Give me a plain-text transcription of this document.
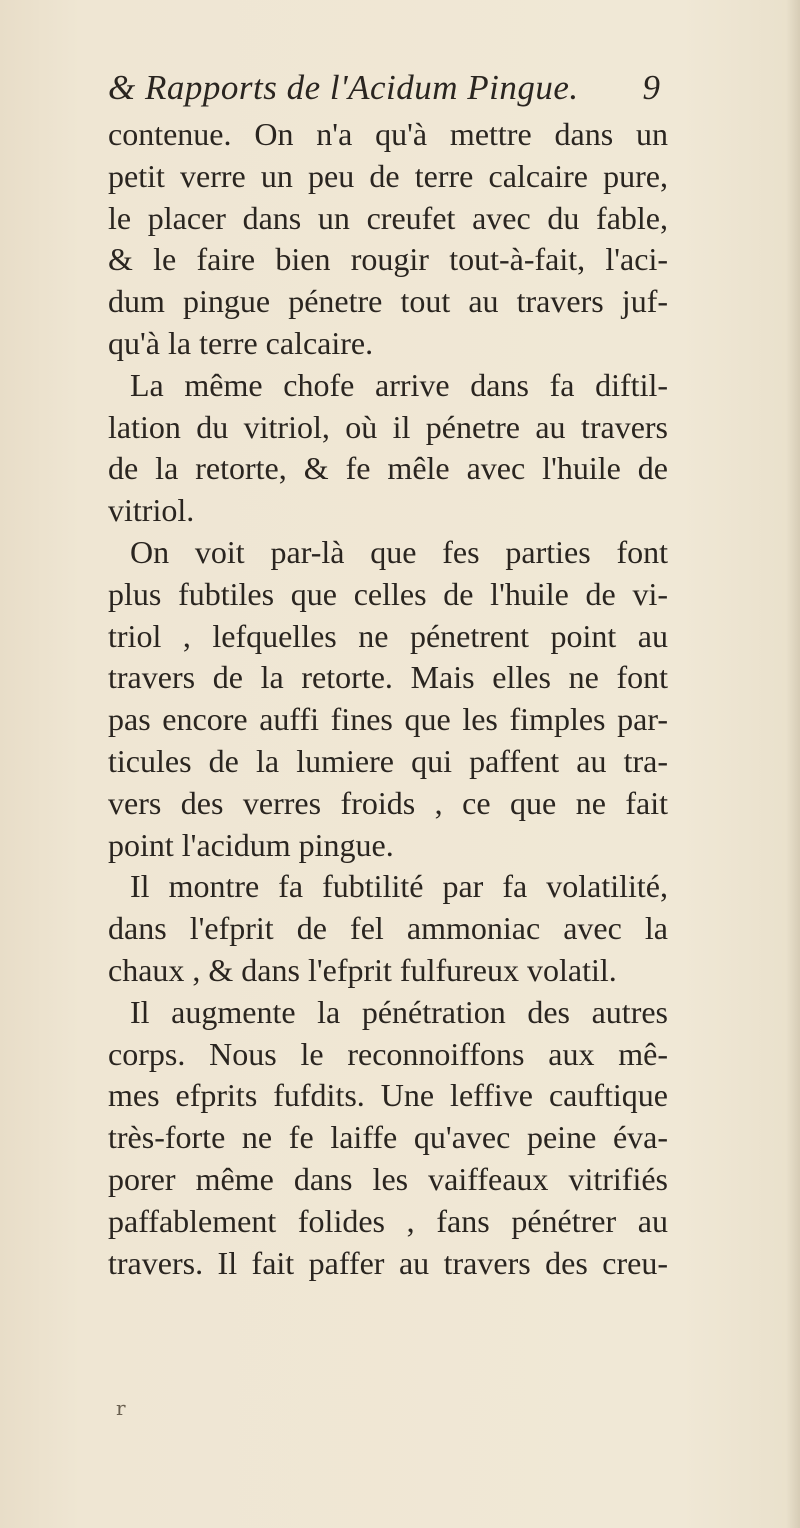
& Rapports de l'Acidum Pingue. 9
contenue. On n'a qu'à mettre dans un
petit verre un peu de terre calcaire pure,
le placer dans un creufet avec du fable,
& le faire bien rougir tout-à-fait, l'aci-
dum pingue pénetre tout au travers juf-
qu'à la terre calcaire.
La même chofe arrive dans fa diftil-
lation du vitriol, où il pénetre au travers
de la retorte, & fe mêle avec l'huile de
vitriol.
On voit par-là que fes parties font
plus fubtiles que celles de l'huile de vi-
triol , lefquelles ne pénetrent point au
travers de la retorte. Mais elles ne font
pas encore auffi fines que les fimples par-
ticules de la lumiere qui paffent au tra-
vers des verres froids , ce que ne fait
point l'acidum pingue.
Il montre fa fubtilité par fa volatilité,
dans l'efprit de fel ammoniac avec la
chaux , & dans l'efprit fulfureux volatil.
Il augmente la pénétration des autres
corps. Nous le reconnoiffons aux mê-
mes efprits fufdits. Une leffive cauftique
très-forte ne fe laiffe qu'avec peine éva-
porer même dans les vaiffeaux vitrifiés
paffablement folides , fans pénétrer au
travers. Il fait paffer au travers des creu-
r
